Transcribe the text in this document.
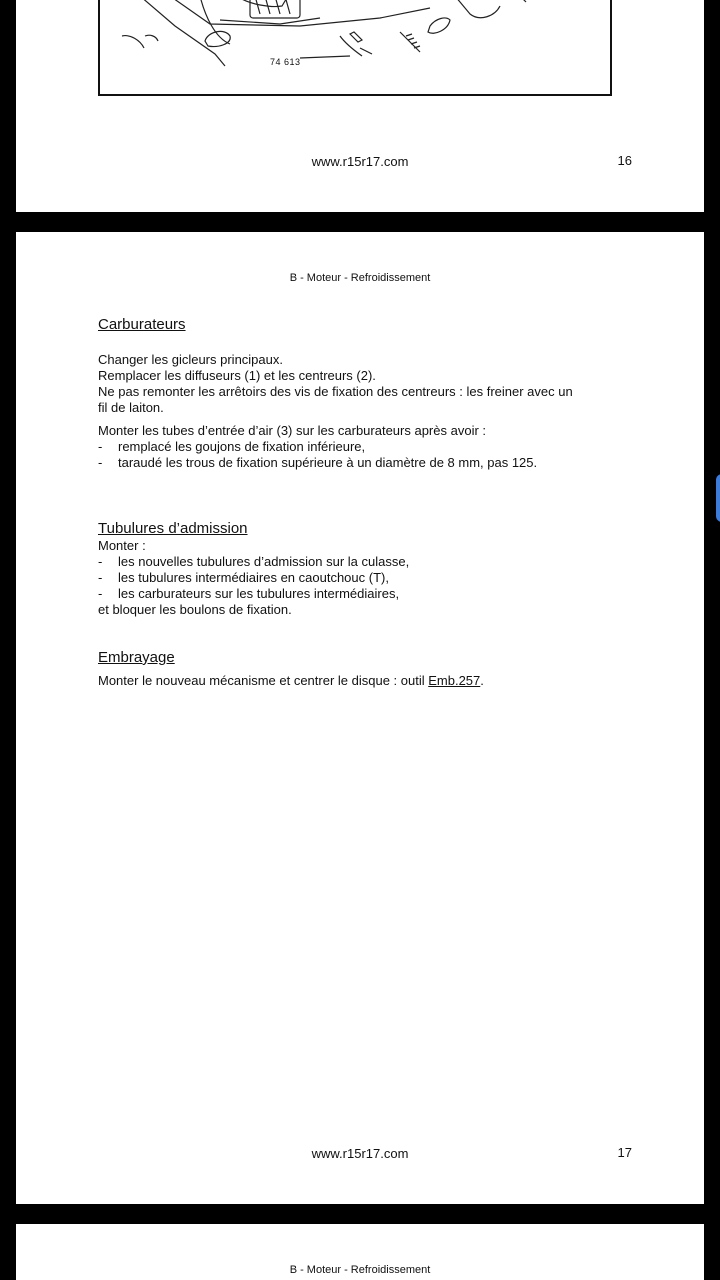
74 613
www.r15r17.com	16
B - Moteur - Refroidissement
Carburateurs
Changer les gicleurs principaux.
Remplacer les diffuseurs (1) et les centreurs (2).
Ne pas remonter les arrêtoirs des vis de fixation des centreurs : les freiner avec un
fil de laiton.
Monter les tubes d’entrée d’air (3) sur les carburateurs après avoir :
- remplacé les goujons de fixation inférieure,
- taraudé les trous de fixation supérieure à un diamètre de 8 mm, pas 125.
Tubulures d’admission
Monter :
- les nouvelles tubulures d’admission sur la culasse,
- les tubulures intermédiaires en caoutchouc (T),
- les carburateurs sur les tubulures intermédiaires,
et bloquer les boulons de fixation.
Embrayage
Monter le nouveau mécanisme et centrer le disque : outil Emb.257.
www.r15r17.com	17
B - Moteur - Refroidissement
